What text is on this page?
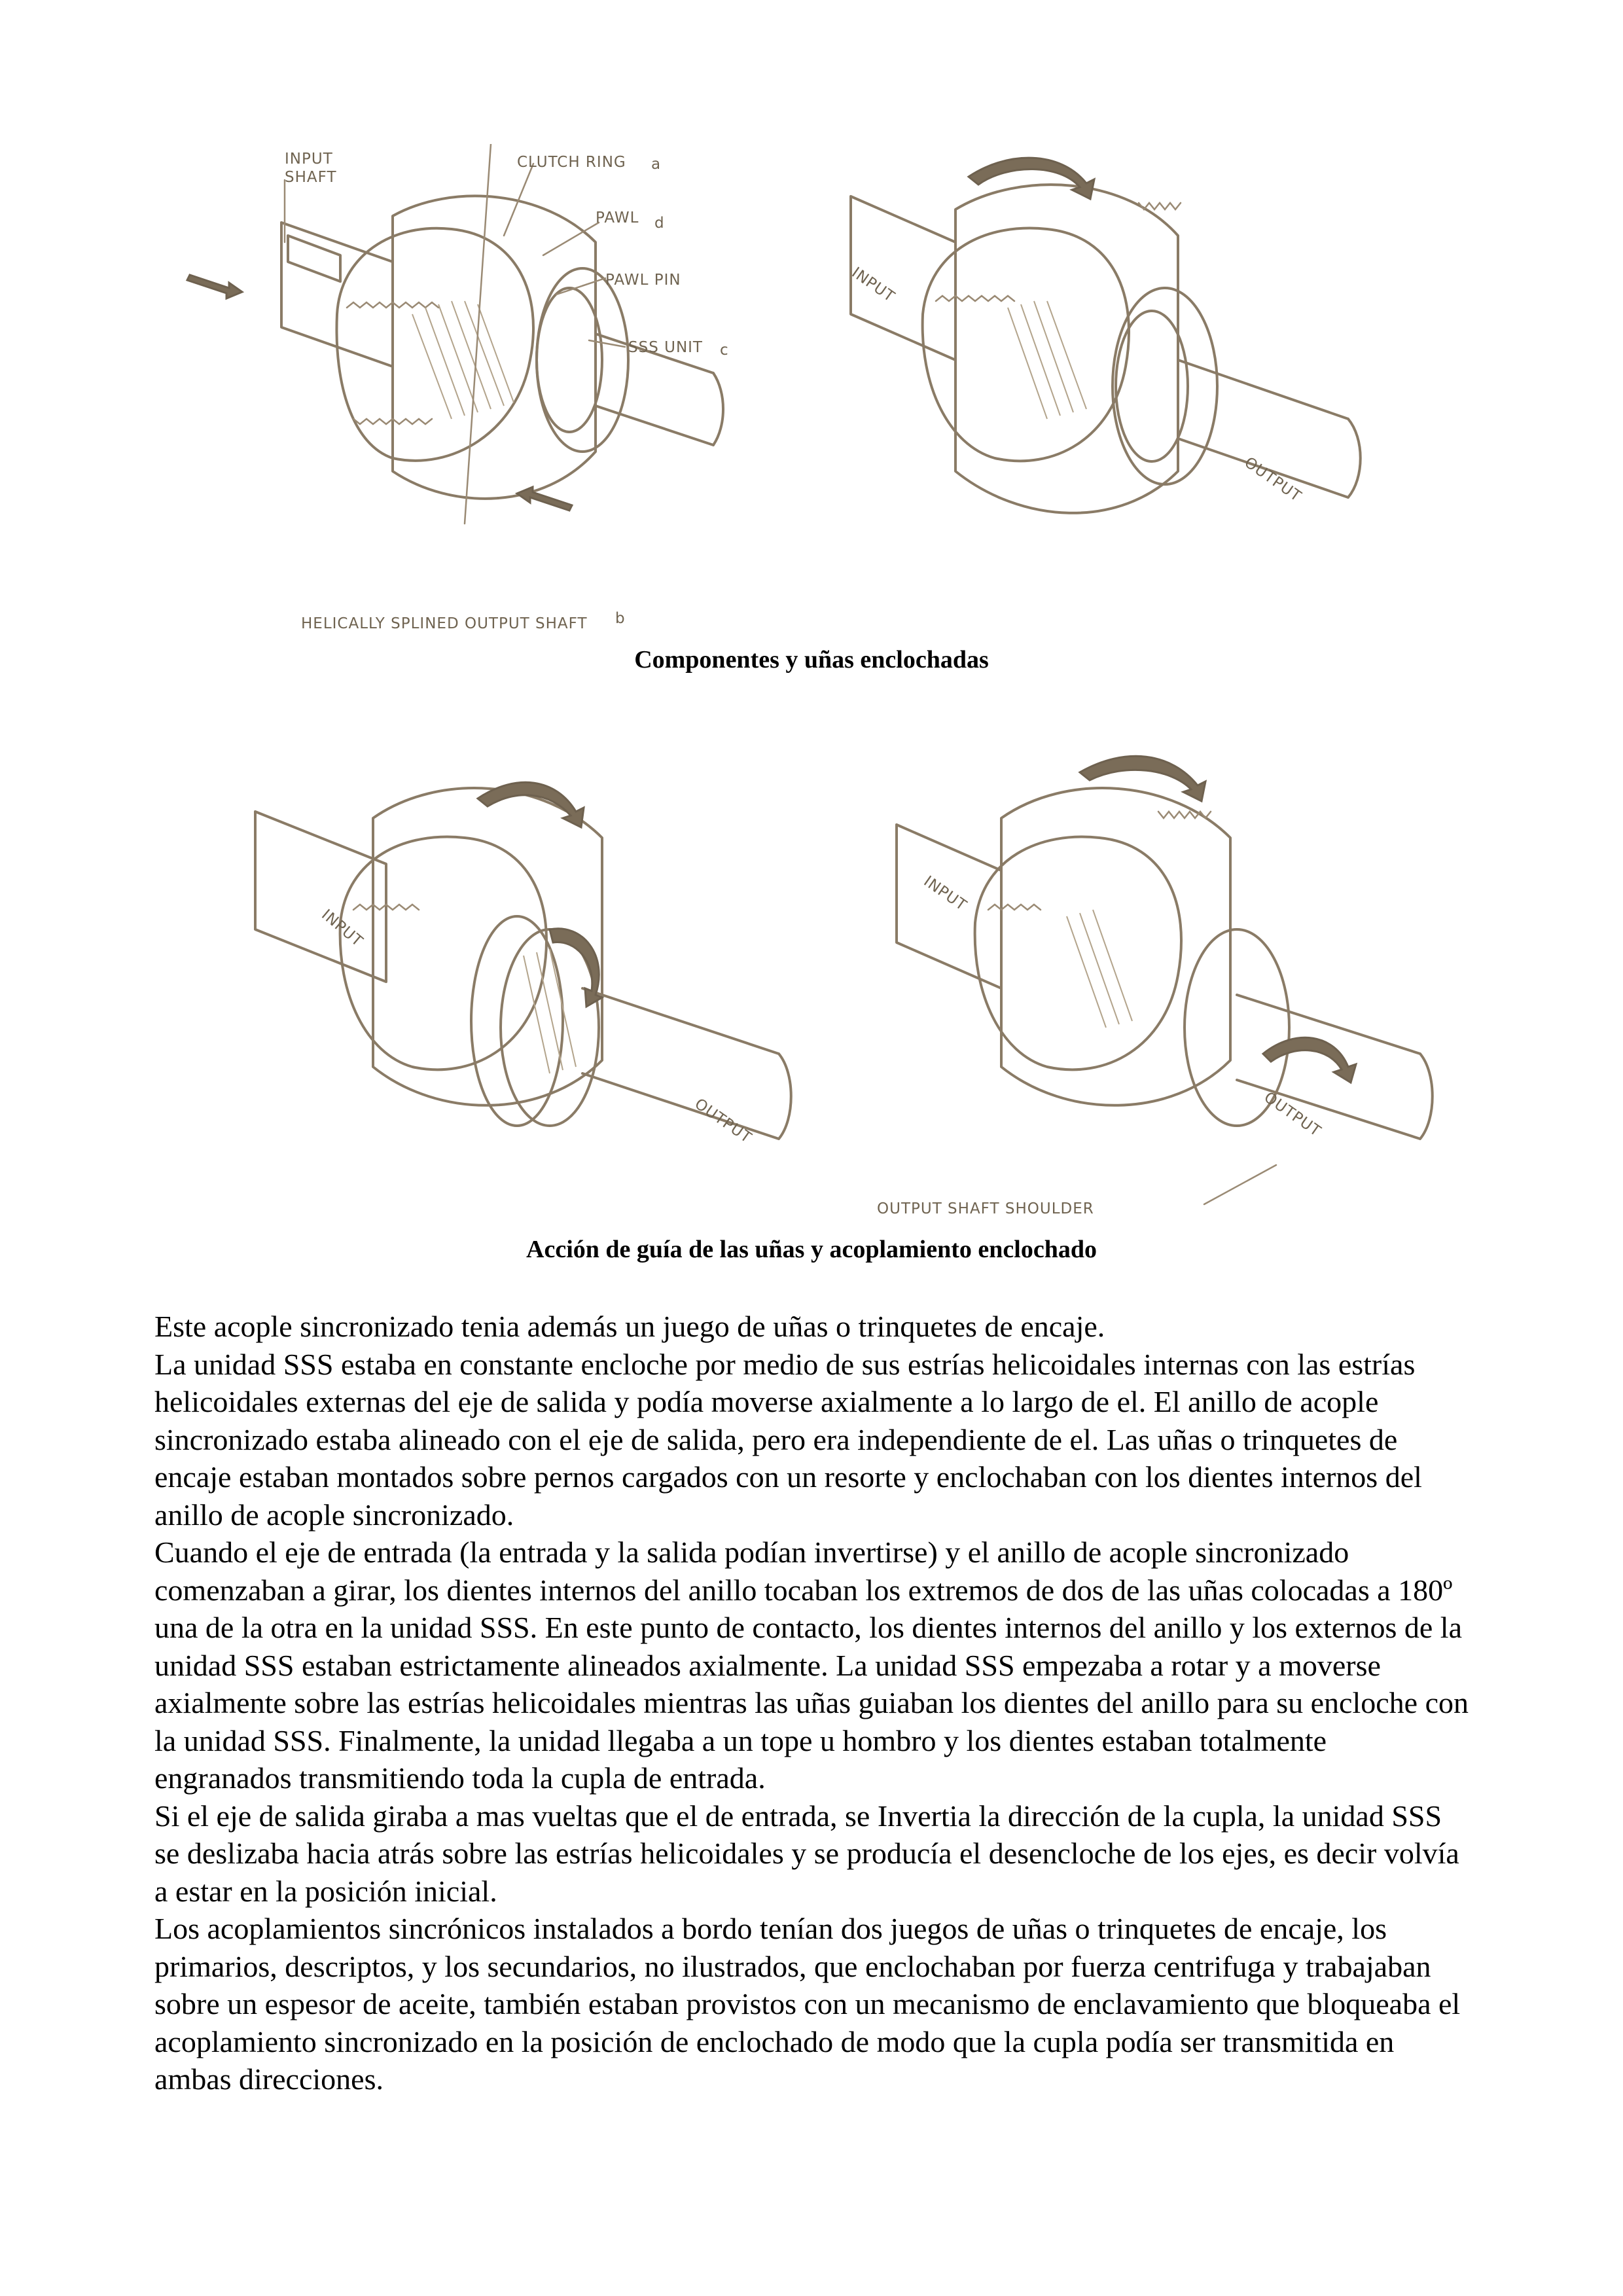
INPUT
SHAFT
CLUTCH RING a
PAWL d
PAWL PIN
SSS UNIT c
HELICALLY SPLINED OUTPUT SHAFT b
INPUT
OUTPUT
Componentes y uñas enclochadas
INPUT
OUTPUT
INPUT
OUTPUT
OUTPUT SHAFT SHOULDER
Acción de guía de las uñas y acoplamiento enclochado

Este acople sincronizado tenia además un juego de uñas o trinquetes de encaje.

La unidad SSS estaba en constante encloche por medio de sus estrías helicoidales internas con las estrías helicoidales externas del eje de salida y podía moverse axialmente a lo largo de el. El anillo de acople sincronizado estaba alineado con el eje de salida, pero era independiente de el. Las uñas o trinquetes de encaje estaban montados sobre pernos cargados con un resorte y enclochaban con los dientes internos del anillo de acople sincronizado.

Cuando el eje de entrada (la entrada y la salida podían invertirse) y el anillo de acople sincronizado comenzaban a girar, los dientes internos del anillo tocaban los extremos de dos de las uñas colocadas a 180º una de la otra en la unidad SSS. En este punto de contacto, los dientes internos del anillo y los externos de la unidad SSS estaban estrictamente alineados axialmente. La unidad SSS empezaba a rotar y a moverse axialmente sobre las estrías helicoidales mientras las uñas guiaban los dientes del anillo para su encloche con la unidad SSS. Finalmente, la unidad llegaba a un tope u hombro y los dientes estaban totalmente engranados transmitiendo toda la cupla de entrada.

Si el eje de salida giraba a mas vueltas que el de entrada, se Invertia la dirección de la cupla, la unidad SSS se deslizaba hacia atrás sobre las estrías helicoidales y se producía el desencloche de los ejes, es decir volvía a estar en la posición inicial.

Los acoplamientos sincrónicos instalados a bordo tenían dos juegos de uñas o trinquetes de encaje, los primarios, descriptos, y los secundarios, no ilustrados, que enclochaban por fuerza centrifuga y trabajaban sobre un espesor de aceite, también estaban provistos con un mecanismo de enclavamiento que bloqueaba el acoplamiento sincronizado en la posición de enclochado de modo que la cupla podía ser transmitida en ambas direcciones.
